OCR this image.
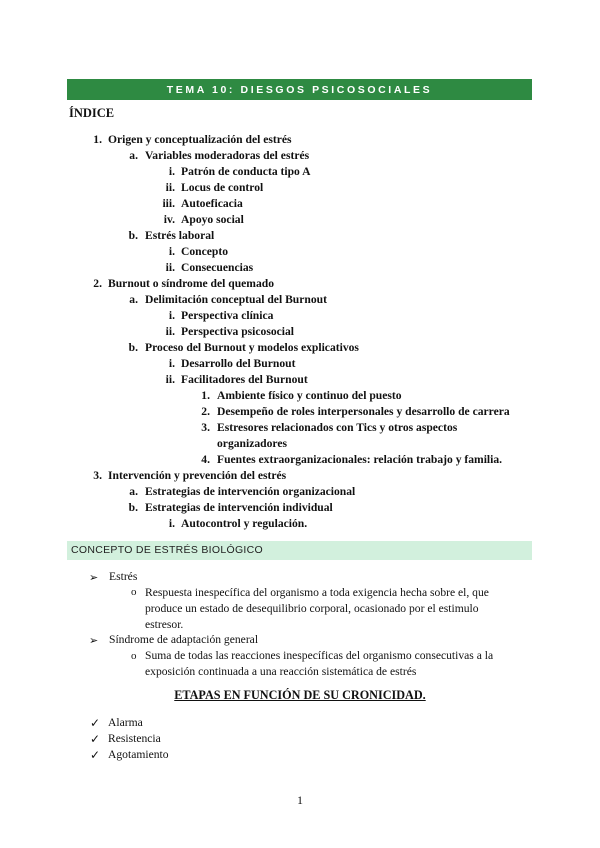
TEMA 10: DIESGOS PSICOSOCIALES
ÍNDICE
1. Origen y conceptualización del estrés
a. Variables moderadoras del estrés
i. Patrón de conducta tipo A
ii. Locus de control
iii. Autoeficacia
iv. Apoyo social
b. Estrés laboral
i. Concepto
ii. Consecuencias
2. Burnout o síndrome del quemado
a. Delimitación conceptual del Burnout
i. Perspectiva clínica
ii. Perspectiva psicosocial
b. Proceso del Burnout y modelos explicativos
i. Desarrollo del Burnout
ii. Facilitadores del Burnout
1. Ambiente físico y continuo del puesto
2. Desempeño de roles interpersonales y desarrollo de carrera
3. Estresores relacionados con Tics y otros aspectos
organizadores
4. Fuentes extraorganizacionales: relación trabajo y familia.
3. Intervención y prevención del estrés
a. Estrategias de intervención organizacional
b. Estrategias de intervención individual
i. Autocontrol y regulación.
CONCEPTO DE ESTRÉS BIOLÓGICO
➢ Estrés
o Respuesta inespecífica del organismo a toda exigencia hecha sobre el, que
produce un estado de desequilibrio corporal, ocasionado por el estimulo
estresor.
➢ Síndrome de adaptación general
o Suma de todas las reacciones inespecíficas del organismo consecutivas a la
exposición continuada a una reacción sistemática de estrés
ETAPAS EN FUNCIÓN DE SU CRONICIDAD.
✓ Alarma
✓ Resistencia
✓ Agotamiento
1
